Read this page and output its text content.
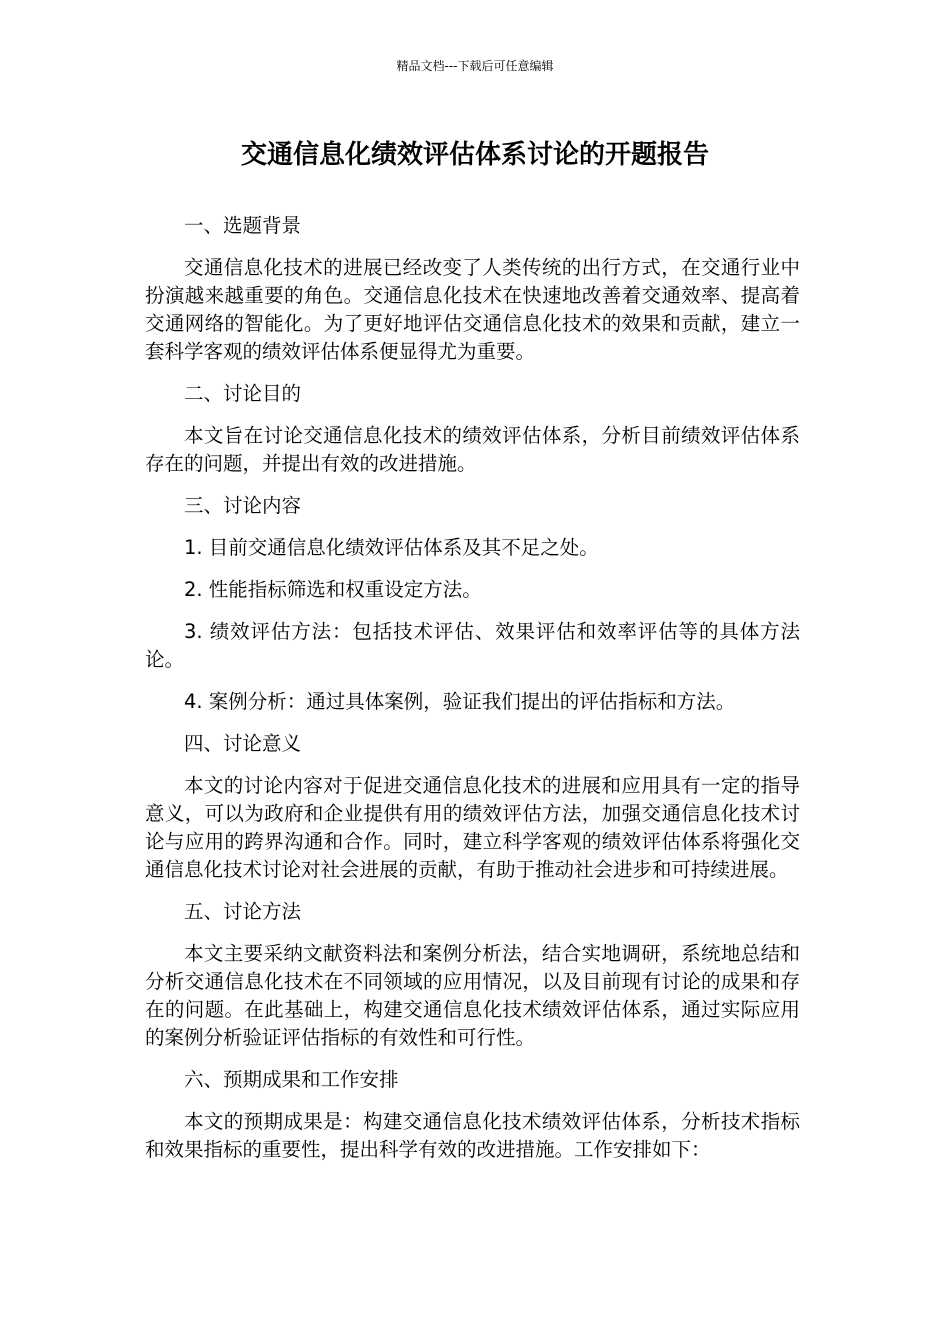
精品文档---下载后可任意编辑
交通信息化绩效评估体系讨论的开题报告

一、选题背景

交通信息化技术的进展已经改变了人类传统的出行方式，在交通行业中扮演越来越重要的角色。交通信息化技术在快速地改善着交通效率、提高着交通网络的智能化。为了更好地评估交通信息化技术的效果和贡献，建立一套科学客观的绩效评估体系便显得尤为重要。

二、讨论目的

本文旨在讨论交通信息化技术的绩效评估体系，分析目前绩效评估体系存在的问题，并提出有效的改进措施。

三、讨论内容

1. 目前交通信息化绩效评估体系及其不足之处。

2. 性能指标筛选和权重设定方法。

3. 绩效评估方法：包括技术评估、效果评估和效率评估等的具体方法论。

4. 案例分析：通过具体案例，验证我们提出的评估指标和方法。

四、讨论意义

本文的讨论内容对于促进交通信息化技术的进展和应用具有一定的指导意义，可以为政府和企业提供有用的绩效评估方法，加强交通信息化技术讨论与应用的跨界沟通和合作。同时，建立科学客观的绩效评估体系将强化交通信息化技术讨论对社会进展的贡献，有助于推动社会进步和可持续进展。

五、讨论方法

本文主要采纳文献资料法和案例分析法，结合实地调研，系统地总结和分析交通信息化技术在不同领域的应用情况，以及目前现有讨论的成果和存在的问题。在此基础上，构建交通信息化技术绩效评估体系，通过实际应用的案例分析验证评估指标的有效性和可行性。

六、预期成果和工作安排

本文的预期成果是：构建交通信息化技术绩效评估体系，分析技术指标和效果指标的重要性，提出科学有效的改进措施。工作安排如下：
